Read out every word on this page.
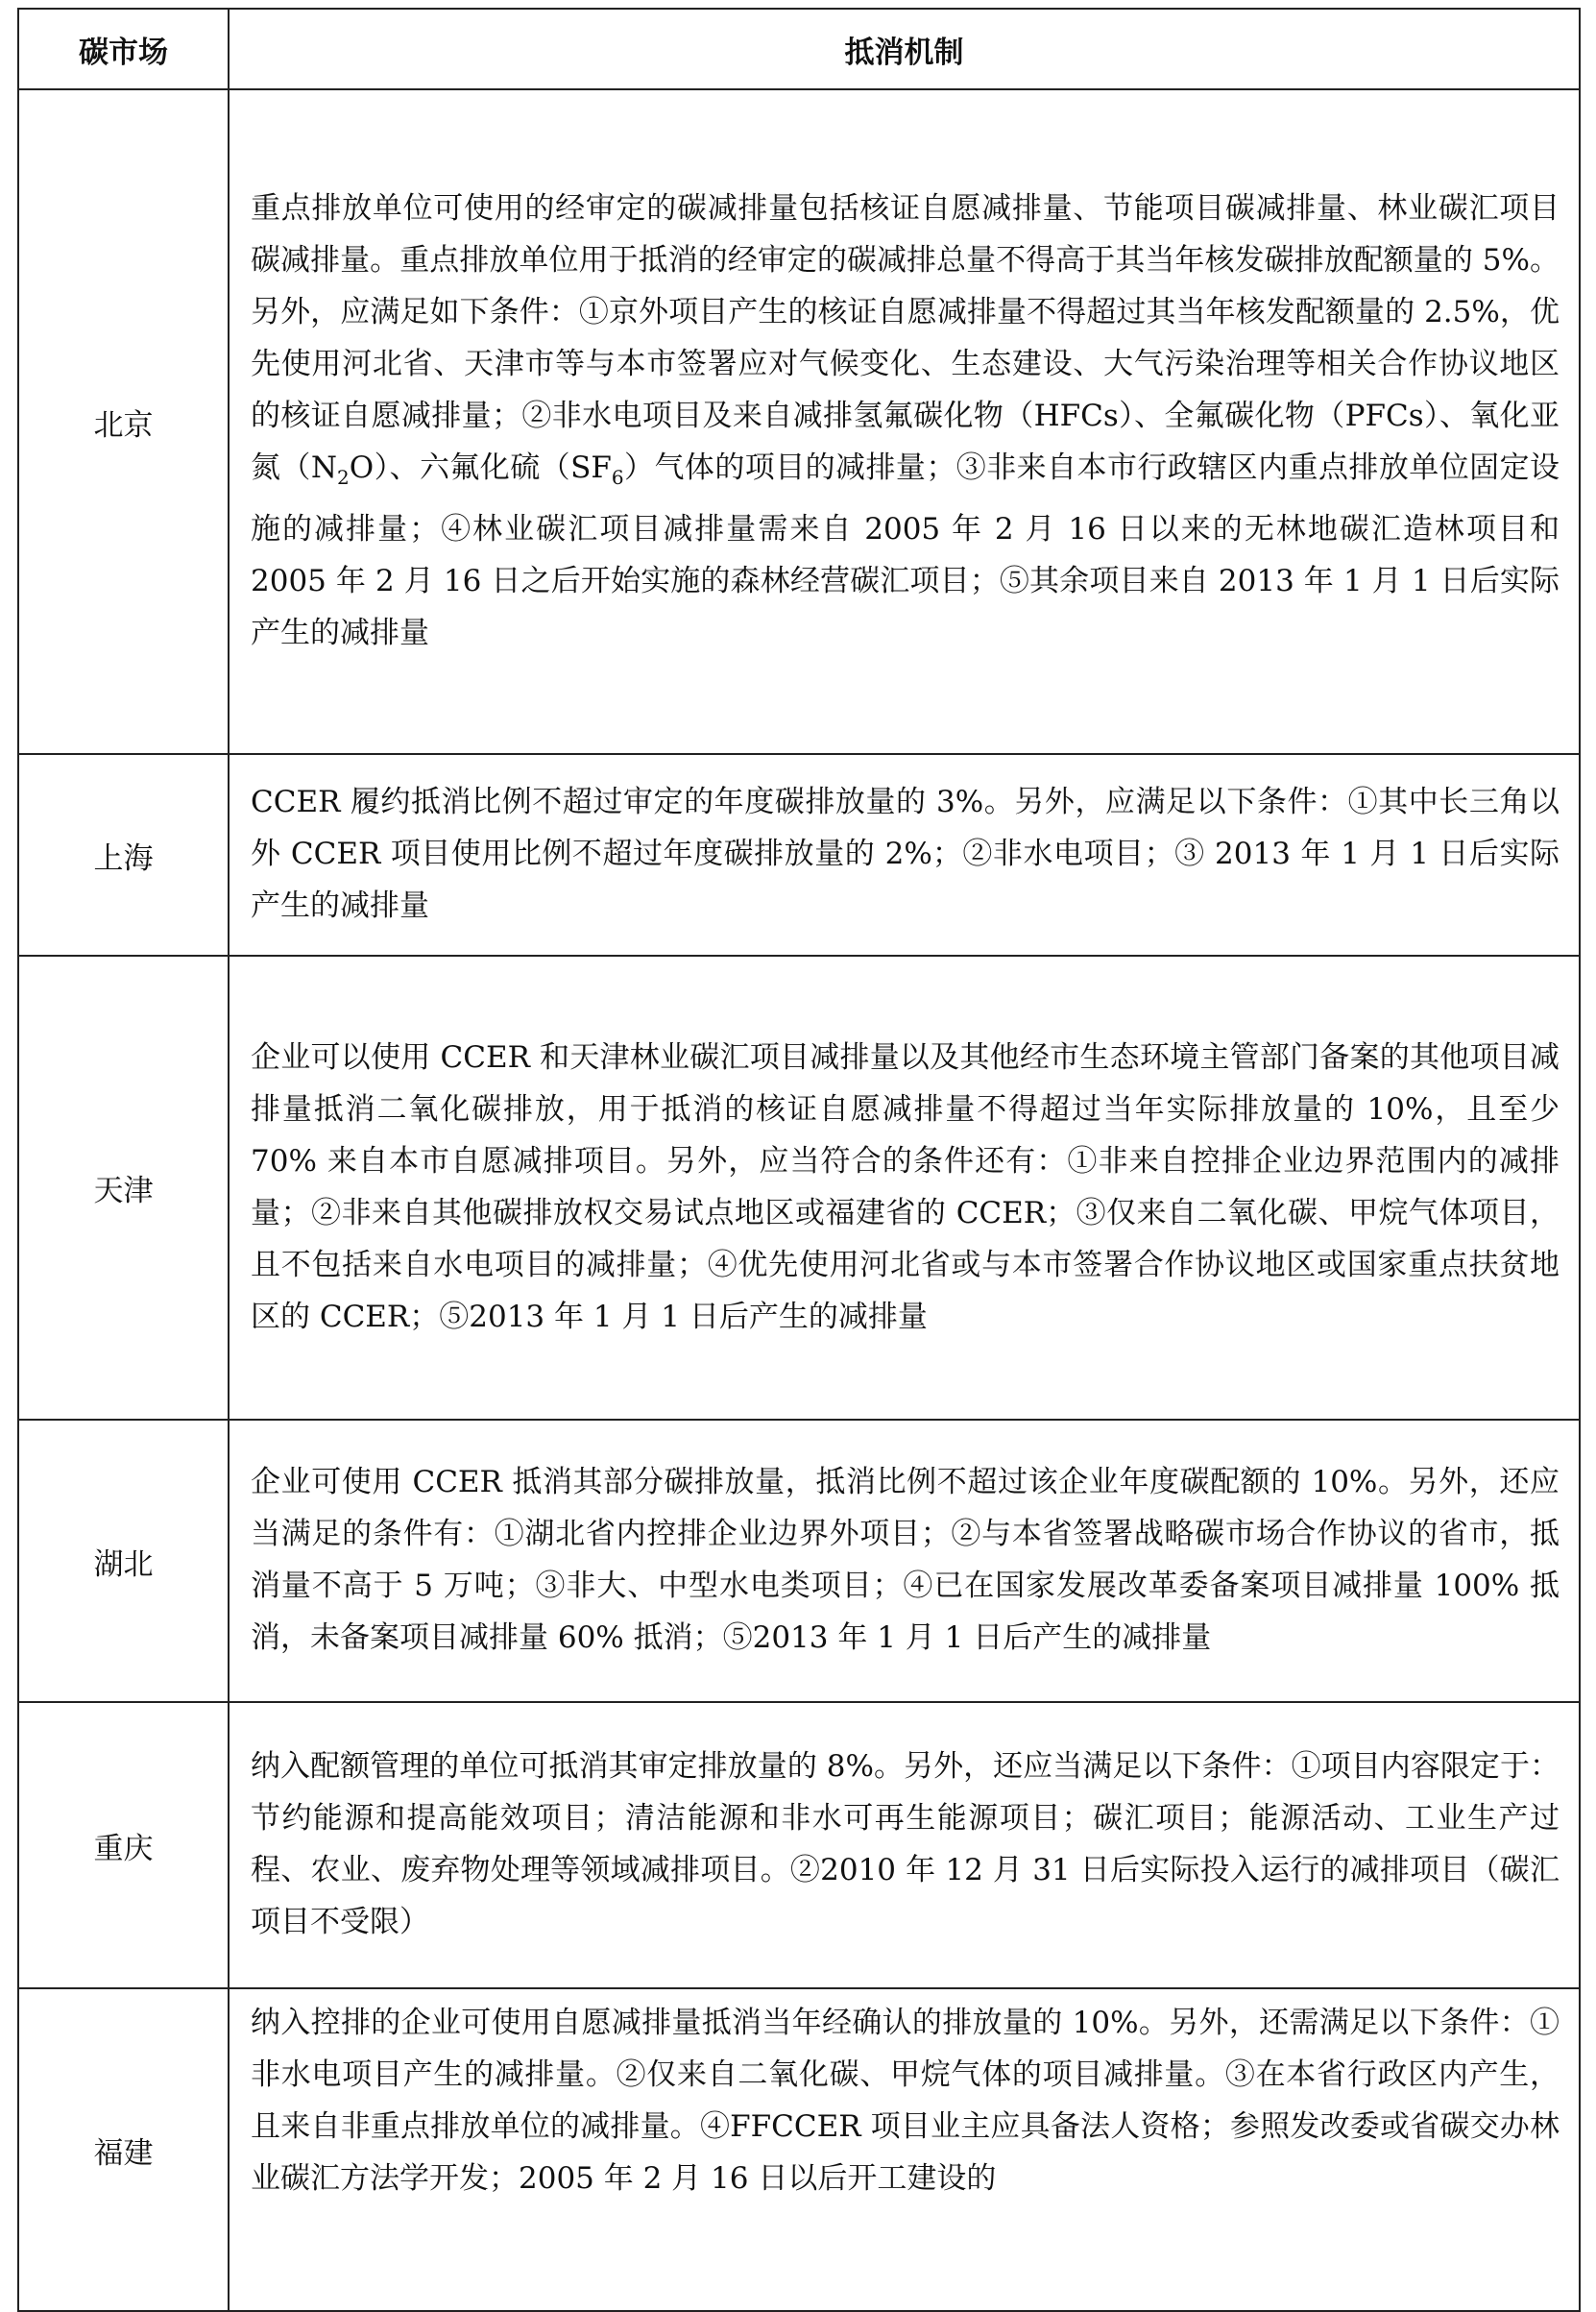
碳市场	抵消机制
北京	重点排放单位可使用的经审定的碳减排量包括核证自愿减排量、节能项目碳减排量、林业碳汇项目碳减排量。重点排放单位用于抵消的经审定的碳减排总量不得高于其当年核发碳排放配额量的 5%。另外，应满足如下条件：①京外项目产生的核证自愿减排量不得超过其当年核发配额量的 2.5%，优先使用河北省、天津市等与本市签署应对气候变化、生态建设、大气污染治理等相关合作协议地区的核证自愿减排量；②非水电项目及来自减排氢氟碳化物（HFCs）、全氟碳化物（PFCs）、氧化亚氮$(N_2O)$、六氟化硫$(SF_6)$气体的项目的减排量；③非来自本市行政辖区内重点排放单位固定设施的减排量；④林业碳汇项目减排量需来自 2005 年 2 月 16 日以来的无林地碳汇造林项目和 2005 年 2 月 16 日之后开始实施的森林经营碳汇项目；⑤其余项目来自 2013 年 1 月 1 日后实际产生的减排量
上海	CCER 履约抵消比例不超过审定的年度碳排放量的 3%。另外，应满足以下条件：①其中长三角以外 CCER 项目使用比例不超过年度碳排放量的 2%；②非水电项目；③ 2013 年 1 月 1 日后实际产生的减排量
天津	企业可以使用 CCER 和天津林业碳汇项目减排量以及其他经市生态环境主管部门备案的其他项目减排量抵消二氧化碳排放，用于抵消的核证自愿减排量不得超过当年实际排放量的 10%，且至少 70% 来自本市自愿减排项目。另外，应当符合的条件还有：①非来自控排企业边界范围内的减排量；②非来自其他碳排放权交易试点地区或福建省的 CCER；③仅来自二氧化碳、甲烷气体项目，且不包括来自水电项目的减排量；④优先使用河北省或与本市签署合作协议地区或国家重点扶贫地区的 CCER；⑤2013 年 1 月 1 日后产生的减排量
湖北	企业可使用 CCER 抵消其部分碳排放量，抵消比例不超过该企业年度碳配额的 10%。另外，还应当满足的条件有：①湖北省内控排企业边界外项目；②与本省签署战略碳市场合作协议的省市，抵消量不高于 5 万吨；③非大、中型水电类项目；④已在国家发展改革委备案项目减排量 100% 抵消，未备案项目减排量 60% 抵消；⑤2013 年 1 月 1 日后产生的减排量
重庆	纳入配额管理的单位可抵消其审定排放量的 8%。另外，还应当满足以下条件：①项目内容限定于：节约能源和提高能效项目；清洁能源和非水可再生能源项目；碳汇项目；能源活动、工业生产过程、农业、废弃物处理等领域减排项目。②2010 年 12 月 31 日后实际投入运行的减排项目（碳汇项目不受限）
福建	纳入控排的企业可使用自愿减排量抵消当年经确认的排放量的 10%。另外，还需满足以下条件：①非水电项目产生的减排量。②仅来自二氧化碳、甲烷气体的项目减排量。③在本省行政区内产生，且来自非重点排放单位的减排量。④FFCCER 项目业主应具备法人资格；参照发改委或省碳交办林业碳汇方法学开发；2005 年 2 月 16 日以后开工建设的
